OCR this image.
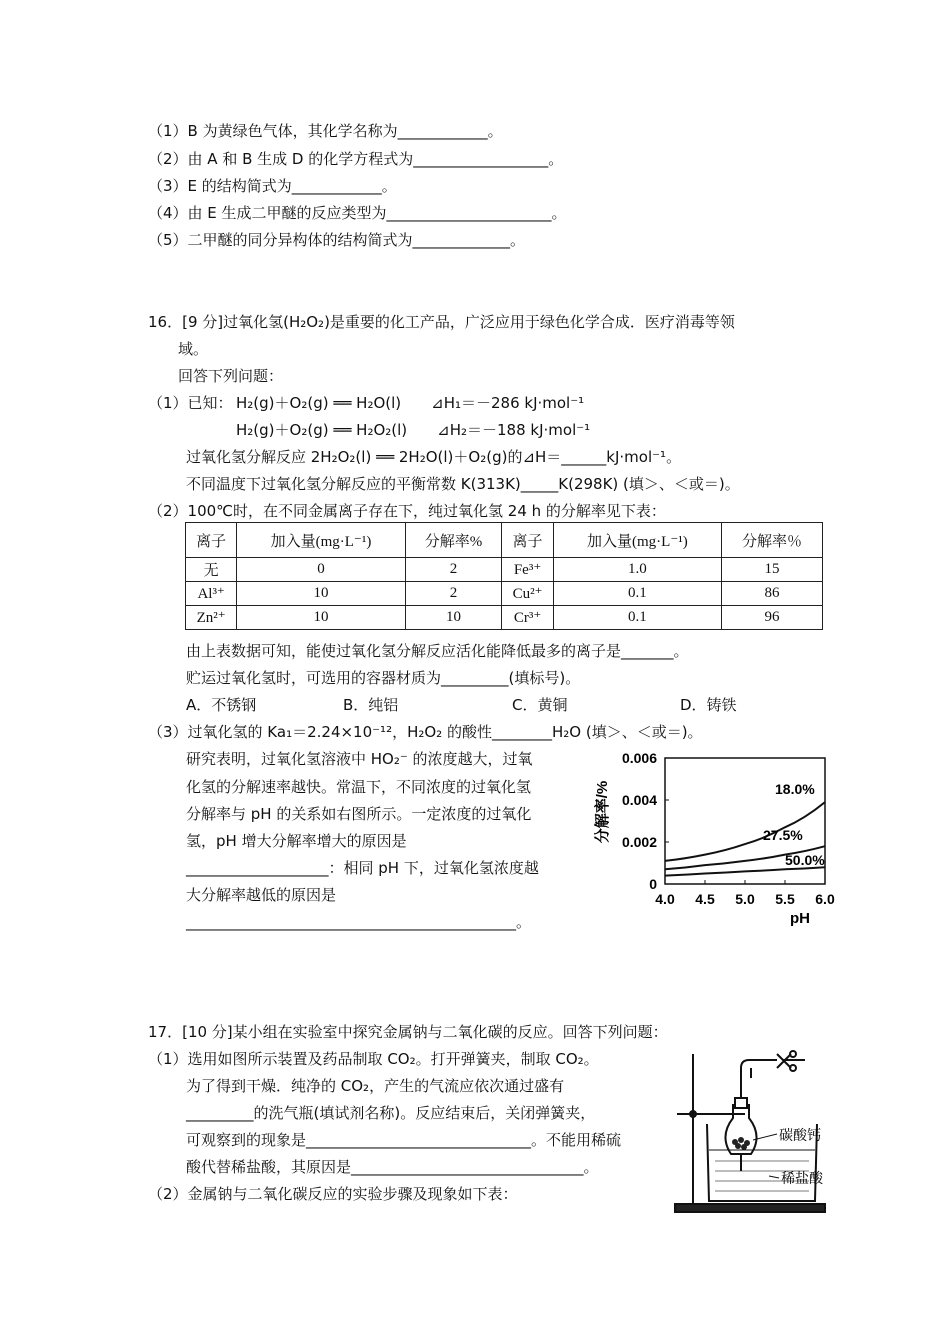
（1）B 为黄绿色气体，其化学名称为____________。
（2）由 A 和 B 生成 D 的化学方程式为__________________。
（3）E 的结构简式为____________。
（4）由 E 生成二甲醚的反应类型为______________________。
（5）二甲醚的同分异构体的结构简式为_____________。
16．[9 分]过氧化氢(H₂O₂)是重要的化工产品，广泛应用于绿色化学合成．医疗消毒等领
域。
回答下列问题：
（1）已知： H₂(g)＋O₂(g) ══ H₂O(l)　　⊿H₁＝－286 kJ·mol⁻¹
H₂(g)＋O₂(g) ══ H₂O₂(l)　　⊿H₂＝－188 kJ·mol⁻¹
过氧化氢分解反应 2H₂O₂(l) ══ 2H₂O(l)＋O₂(g)的⊿H＝______kJ·mol⁻¹。
不同温度下过氧化氢分解反应的平衡常数 K(313K)_____K(298K) (填＞、＜或＝)。
（2）100℃时，在不同金属离子存在下，纯过氧化氢 24 h 的分解率见下表：
离子	加入量(mg·L⁻¹)	分解率%	离子	加入量(mg·L⁻¹)	分解率％
无	0	2	Fe³⁺	1.0	15
Al³⁺	10	2	Cu²⁺	0.1	86
Zn²⁺	10	10	Cr³⁺	0.1	96
由上表数据可知，能使过氧化氢分解反应活化能降低最多的离子是_______。
贮运过氧化氢时，可选用的容器材质为_________(填标号)。
A．不锈钢	B．纯铝	C．黄铜	D．铸铁
（3）过氧化氢的 Ka₁＝2.24×10⁻¹²，H₂O₂ 的酸性________H₂O (填＞、＜或＝)。
研究表明，过氧化氢溶液中 HO₂⁻ 的浓度越大，过氧
化氢的分解速率越快。常温下，不同浓度的过氧化氢
分解率与 pH 的关系如右图所示。一定浓度的过氧化
氢，pH 增大分解率增大的原因是
___________________：相同 pH 下，过氧化氢浓度越
大分解率越低的原因是
____________________________________________。
分解率/%
4.0 4.5 5.0 5.5 6.0
0
0.002
0.004
0.006
18.0%
27.5%
50.0%
pH
17．[10 分]某小组在实验室中探究金属钠与二氧化碳的反应。回答下列问题：
（1）选用如图所示装置及药品制取 CO₂。打开弹簧夹，制取 CO₂。
为了得到干燥．纯净的 CO₂，产生的气流应依次通过盛有
_________的洗气瓶(填试剂名称)。反应结束后，关闭弹簧夹，
可观察到的现象是______________________________。不能用稀硫
酸代替稀盐酸，其原因是_______________________________。
（2）金属钠与二氧化碳反应的实验步骤及现象如下表：
碳酸钙
稀盐酸
